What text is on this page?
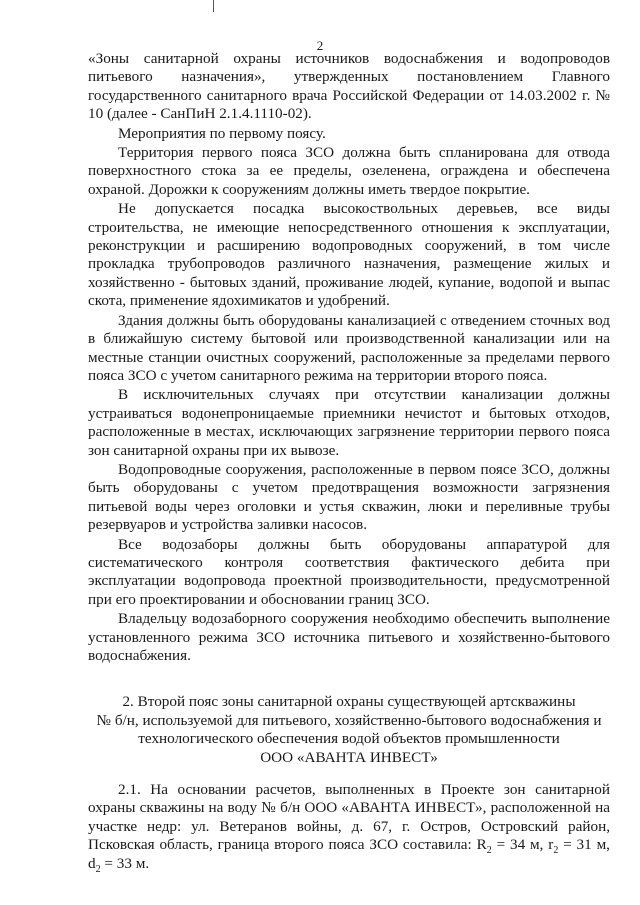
2

«Зоны санитарной охраны источников водоснабжения и водопроводов питьевого назначения», утвержденных постановлением Главного государственного санитарного врача Российской Федерации от 14.03.2002 г. № 10 (далее - СанПиН 2.1.4.1110-02).

Мероприятия по первому поясу.

Территория первого пояса ЗСО должна быть спланирована для отвода поверхностного стока за ее пределы, озеленена, ограждена и обеспечена охраной. Дорожки к сооружениям должны иметь твердое покрытие.

Не допускается посадка высокоствольных деревьев, все виды строительства, не имеющие непосредственного отношения к эксплуатации, реконструкции и расширению водопроводных сооружений, в том числе прокладка трубопроводов различного назначения, размещение жилых и хозяйственно - бытовых зданий, проживание людей, купание, водопой и выпас скота, применение ядохимикатов и удобрений.

Здания должны быть оборудованы канализацией с отведением сточных вод в ближайшую систему бытовой или производственной канализации или на местные станции очистных сооружений, расположенные за пределами первого пояса ЗСО с учетом санитарного режима на территории второго пояса.

В исключительных случаях при отсутствии канализации должны устраиваться водонепроницаемые приемники нечистот и бытовых отходов, расположенные в местах, исключающих загрязнение территории первого пояса зон санитарной охраны при их вывозе.

Водопроводные сооружения, расположенные в первом поясе ЗСО, должны быть оборудованы с учетом предотвращения возможности загрязнения питьевой воды через оголовки и устья скважин, люки и переливные трубы резервуаров и устройства заливки насосов.

Все водозаборы должны быть оборудованы аппаратурой для систематического контроля соответствия фактического дебита при эксплуатации водопровода проектной производительности, предусмотренной при его проектировании и обосновании границ ЗСО.

Владельцу водозаборного сооружения необходимо обеспечить выполнение установленного режима ЗСО источника питьевого и хозяйственно-бытового водоснабжения.

2. Второй пояс зоны санитарной охраны существующей артскважины

№ б/н, используемой для питьевого, хозяйственно-бытового водоснабжения и

технологического обеспечения водой объектов промышленности

ООО «АВАНТА ИНВЕСТ»

2.1. На основании расчетов, выполненных в Проекте зон санитарной охраны скважины на воду № б/н ООО «АВАНТА ИНВЕСТ», расположенной на участке недр: ул. Ветеранов войны, д. 67, г. Остров, Островский район, Псковская область, граница второго пояса ЗСО составила: $R_2 = 34$ м, $r_2 = 31$ м, $d_2 = 33$ м.
